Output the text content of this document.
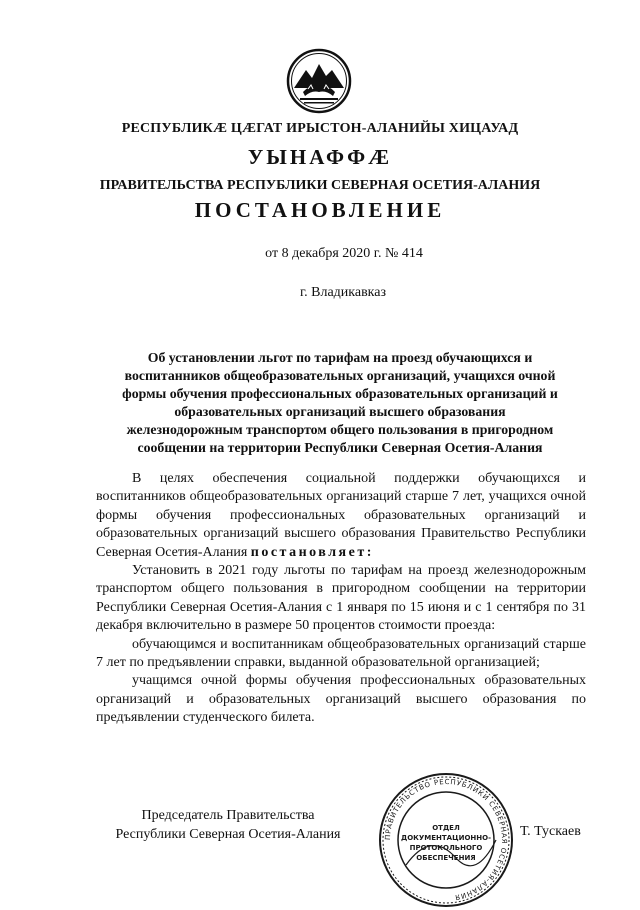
РЕСПУБЛИКӔ ЦӔГАТ ИРЫСТОН-АЛАНИЙЫ ХИЦАУАД
УЫНАФФӔ
ПРАВИТЕЛЬСТВА РЕСПУБЛИКИ СЕВЕРНАЯ ОСЕТИЯ-АЛАНИЯ
ПОСТАНОВЛЕНИЕ
от 8 декабря 2020 г. № 414
г. Владикавказ
Об установлении льгот по тарифам на проезд обучающихся и
воспитанников общеобразовательных организаций, учащихся очной
формы обучения профессиональных образовательных организаций и
образовательных организаций высшего образования
железнодорожным транспортом общего пользования в пригородном
сообщении на территории Республики Северная Осетия-Алания

В целях обеспечения социальной поддержки обучающихся и воспитанников общеобразовательных организаций старше 7 лет, учащихся очной формы обучения профессиональных образовательных организаций и образовательных организаций высшего образования Правительство Республики Северная Осетия-Алания постановляет:

Установить в 2021 году льготы по тарифам на проезд железнодорожным транспортом общего пользования в пригородном сообщении на территории Республики Северная Осетия-Алания с 1 января по 15 июня и с 1 сентября по 31 декабря включительно в размере 50 процентов стоимости проезда:

обучающимся и воспитанникам общеобразовательных организаций старше 7 лет по предъявлении справки, выданной образовательной организацией;

учащимся очной формы обучения профессиональных образовательных организаций и образовательных организаций высшего образования по предъявлении студенческого билета.

Председатель Правительства
Республики Северная Осетия-Алания	ПРАВИТЕЛЬСТВО РЕСПУБЛИКИ СЕВЕРНАЯ ОСЕТИЯ-АЛАНИЯ
ОТДЕЛ
ДОКУМЕНТАЦИОННО-
ПРОТОКОЛЬНОГО
ОБЕСПЕЧЕНИЯ
Т. Тускаев
